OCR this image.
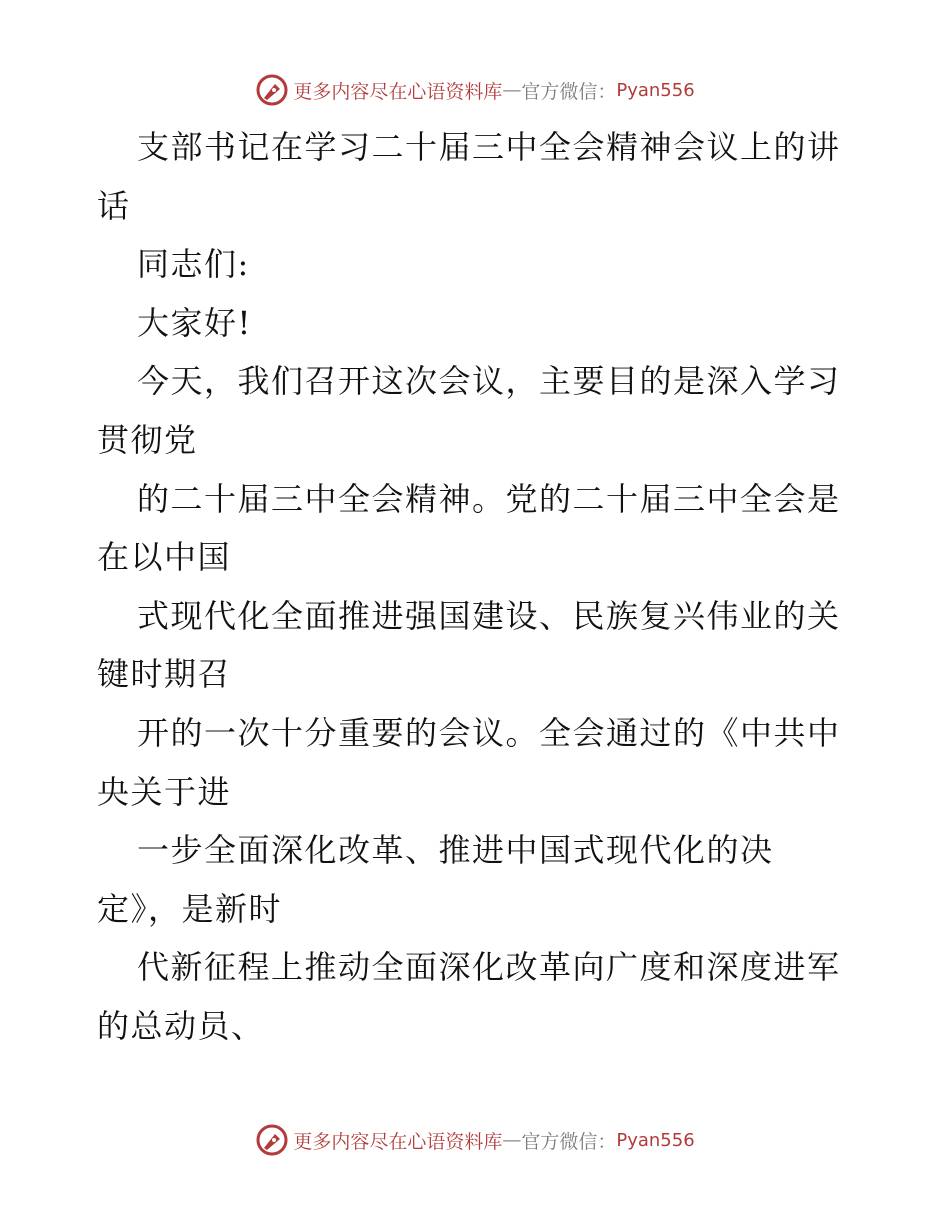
更多内容尽在心语资料库 — 官方微信： Pyan556
支部书记在学习二十届三中全会精神会议上的讲
话
同志们:
大家好!
今天，我们召开这次会议，主要目的是深入学习
贯彻党
的二十届三中全会精神。党的二十届三中全会是
在以中国
式现代化全面推进强国建设、民族复兴伟业的关
键时期召
开的一次十分重要的会议。全会通过的《中共中
央关于进
一步全面深化改革、推进中国式现代化的决
定》，是新时
代新征程上推动全面深化改革向广度和深度进军
的总动员、
更多内容尽在心语资料库 — 官方微信： Pyan556
